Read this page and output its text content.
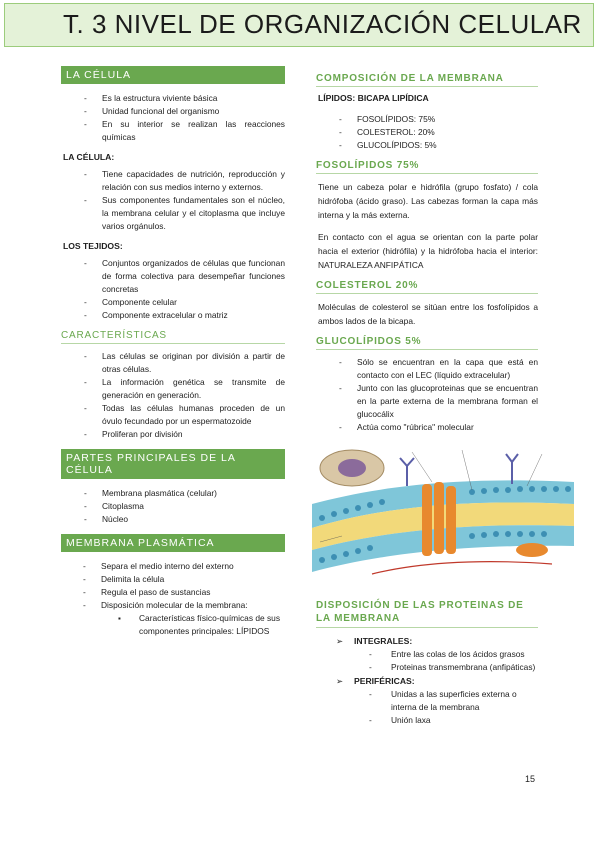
T. 3 NIVEL DE ORGANIZACIÓN CELULAR
LA CÉLULA
- Es la estructura viviente básica
- Unidad funcional del organismo
- En su interior se realizan las reacciones químicas
LA CÉLULA:
- Tiene capacidades de nutrición, reproducción y relación con sus medios interno y externos.
- Sus componentes fundamentales son el núcleo, la membrana celular y el citoplasma que incluye varios orgánulos.
LOS TEJIDOS:
- Conjuntos organizados de células que funcionan de forma colectiva para desempeñar funciones concretas
- Componente celular
- Componente extracelular o matriz
CARACTERÍSTICAS
- Las células se originan por división a partir de otras células.
- La información genética se transmite de generación en generación.
- Todas las células humanas proceden de un óvulo fecundado por un espermatozoide
- Proliferan por división
PARTES PRINCIPALES DE LA CÉLULA
- Membrana plasmática (celular)
- Citoplasma
- Núcleo
MEMBRANA PLASMÁTICA
- Separa el medio interno del externo
- Delimita la célula
- Regula el paso de sustancias
- Disposición molecular de la membrana:
▪ Características físico-químicas de sus componentes principales: LÍPIDOS
COMPOSICIÓN DE LA MEMBRANA
LÍPIDOS: BICAPA LIPÍDICA
- FOSOLÍPIDOS: 75%
- COLESTEROL: 20%
- GLUCOLÍPIDOS: 5%
FOSOLÍPIDOS 75%

Tiene un cabeza polar e hidrófila (grupo fosfato) / cola hidrófoba (ácido graso). Las cabezas forman la capa más interna y la más externa.

En contacto con el agua se orientan con la parte polar hacia el exterior (hidrófila) y la hidrófoba hacia el interior: NATURALEZA ANFIPÁTICA

COLESTEROL 20%

Moléculas de colesterol se sitúan entre los fosfolípidos a ambos lados de la bicapa.

GLUCOLÍPIDOS 5%
- Sólo se encuentran en la capa que está en contacto con el LEC (líquido extracelular)
- Junto con las glucoproteinas que se encuentran en la parte externa de la membrana forman el glucocálix
- Actúa como "rúbrica" molecular
DISPOSICIÓN DE LAS PROTEINAS DE LA MEMBRANA
➢ INTEGRALES:
- Entre las colas de los ácidos grasos
- Proteinas transmembrana (anfipáticas)
➢ PERIFÉRICAS:
- Unidas a las superficies externa o interna de la membrana
- Unión laxa
15
